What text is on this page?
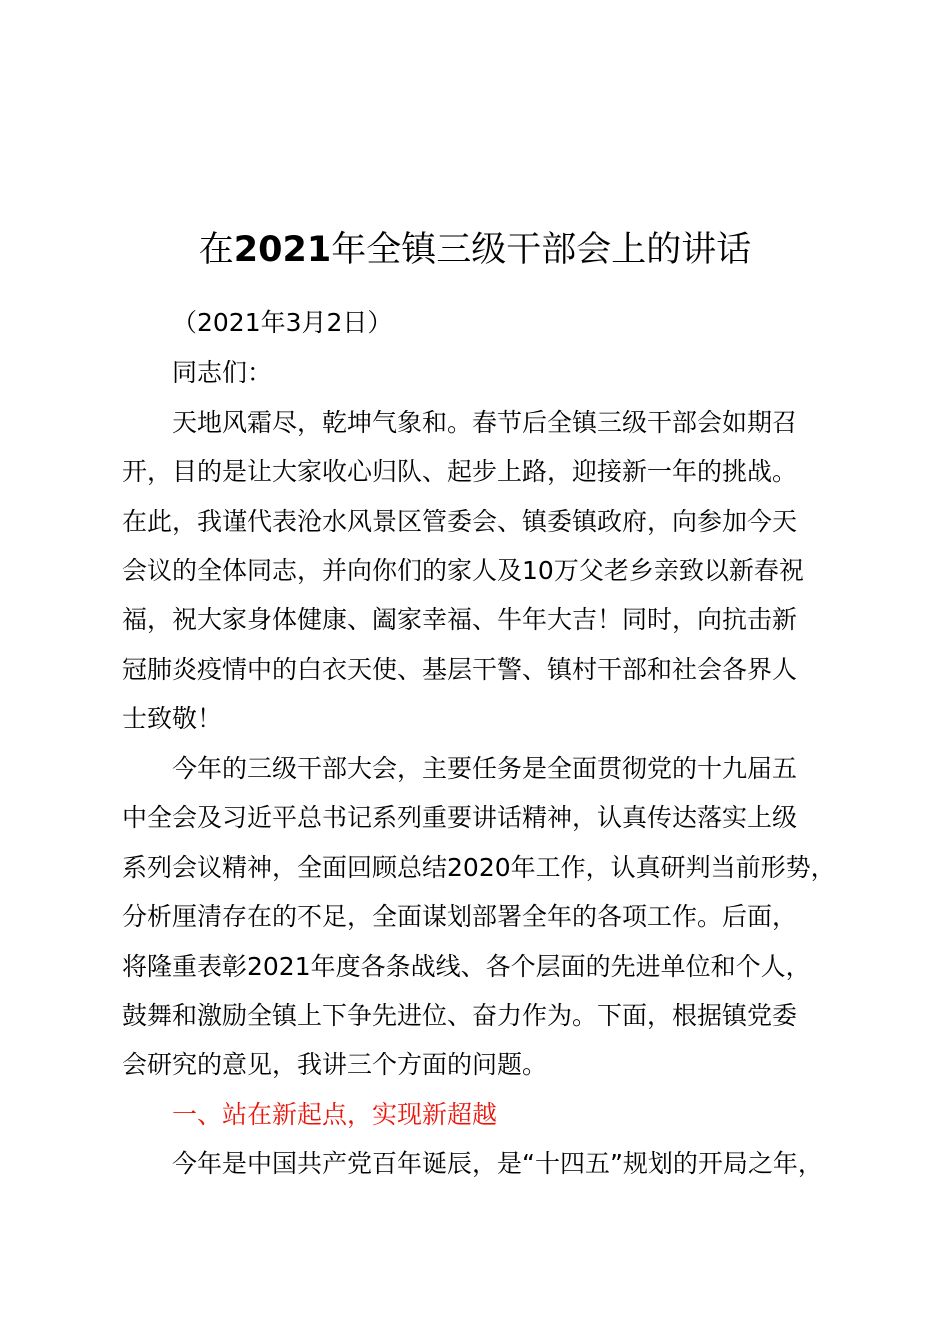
在2021年全镇三级干部会上的讲话

（2021年3月2日）

同志们：

天地风霜尽，乾坤气象和。春节后全镇三级干部会如期召

开，目的是让大家收心归队、起步上路，迎接新一年的挑战。

在此，我谨代表沧水风景区管委会、镇委镇政府，向参加今天

会议的全体同志，并向你们的家人及10万父老乡亲致以新春祝

福，祝大家身体健康、阖家幸福、牛年大吉！同时，向抗击新

冠肺炎疫情中的白衣天使、基层干警、镇村干部和社会各界人

士致敬！

今年的三级干部大会，主要任务是全面贯彻党的十九届五

中全会及习近平总书记系列重要讲话精神，认真传达落实上级

系列会议精神，全面回顾总结2020年工作，认真研判当前形势，

分析厘清存在的不足，全面谋划部署全年的各项工作。后面，

将隆重表彰2021年度各条战线、各个层面的先进单位和个人，

鼓舞和激励全镇上下争先进位、奋力作为。下面，根据镇党委

会研究的意见，我讲三个方面的问题。

一、站在新起点，实现新超越

今年是中国共产党百年诞辰，是“十四五”规划的开局之年，
